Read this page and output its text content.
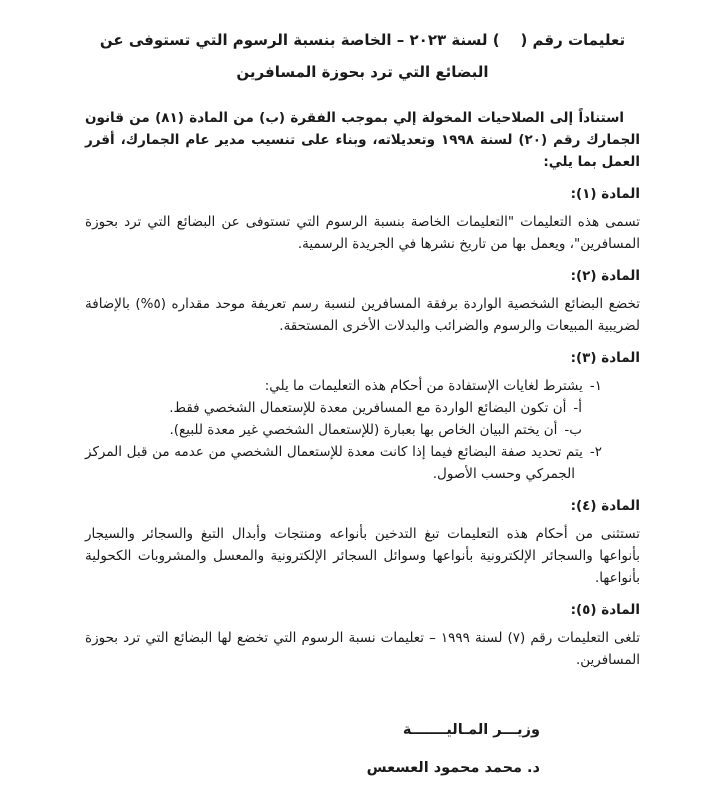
تعليمات رقم (    ) لسنة ٢٠٢٣ – الخاصة بنسبة الرسوم التي تستوفى عن
البضائع التي ترد بحوزة المسافرين

استناداً إلى الصلاحيات المخولة إلي بموجب الفقرة (ب) من المادة (٨١) من قانون الجمارك رقم (٢٠) لسنة ١٩٩٨ وتعديلاته، وبناء على تنسيب مدير عام الجمارك، أقرر العمل بما يلي:

المادة (١):

تسمى هذه التعليمات "التعليمات الخاصة بنسبة الرسوم التي تستوفى عن البضائع التي ترد بحوزة المسافرين"، ويعمل بها من تاريخ نشرها في الجريدة الرسمية.

المادة (٢):

تخضع البضائع الشخصية الواردة برفقة المسافرين لنسبة رسم تعريفة موحد مقداره (٥%) بالإضافة لضريبية المبيعات والرسوم والضرائب والبدلات الأخرى المستحقة.

المادة (٣):
١-يشترط لغايات الإستفادة من أحكام هذه التعليمات ما يلي:
أ-أن تكون البضائع الواردة مع المسافرين معدة للإستعمال الشخصي فقط.
ب-أن يختم البيان الخاص بها بعبارة (للإستعمال الشخصي غير معدة للبيع).
٢-يتم تحديد صفة البضائع فيما إذا كانت معدة للإستعمال الشخصي من عدمه من قبل المركز الجمركي وحسب الأصول.
المادة (٤):

تستثنى من أحكام هذه التعليمات تبغ التدخين بأنواعه ومنتجات وأبدال التبغ والسجائر والسيجار بأنواعها والسجائر الإلكترونية بأنواعها وسوائل السجائر الإلكترونية والمعسل والمشروبات الكحولية بأنواعها.

المادة (٥):

تلغى التعليمات رقم (٧) لسنة ١٩٩٩ – تعليمات نسبة الرسوم التي تخضع لها البضائع التي ترد بحوزة المسافرين.

وزيـــر المـاليـــــــة
د. محمد محمود العسعس
